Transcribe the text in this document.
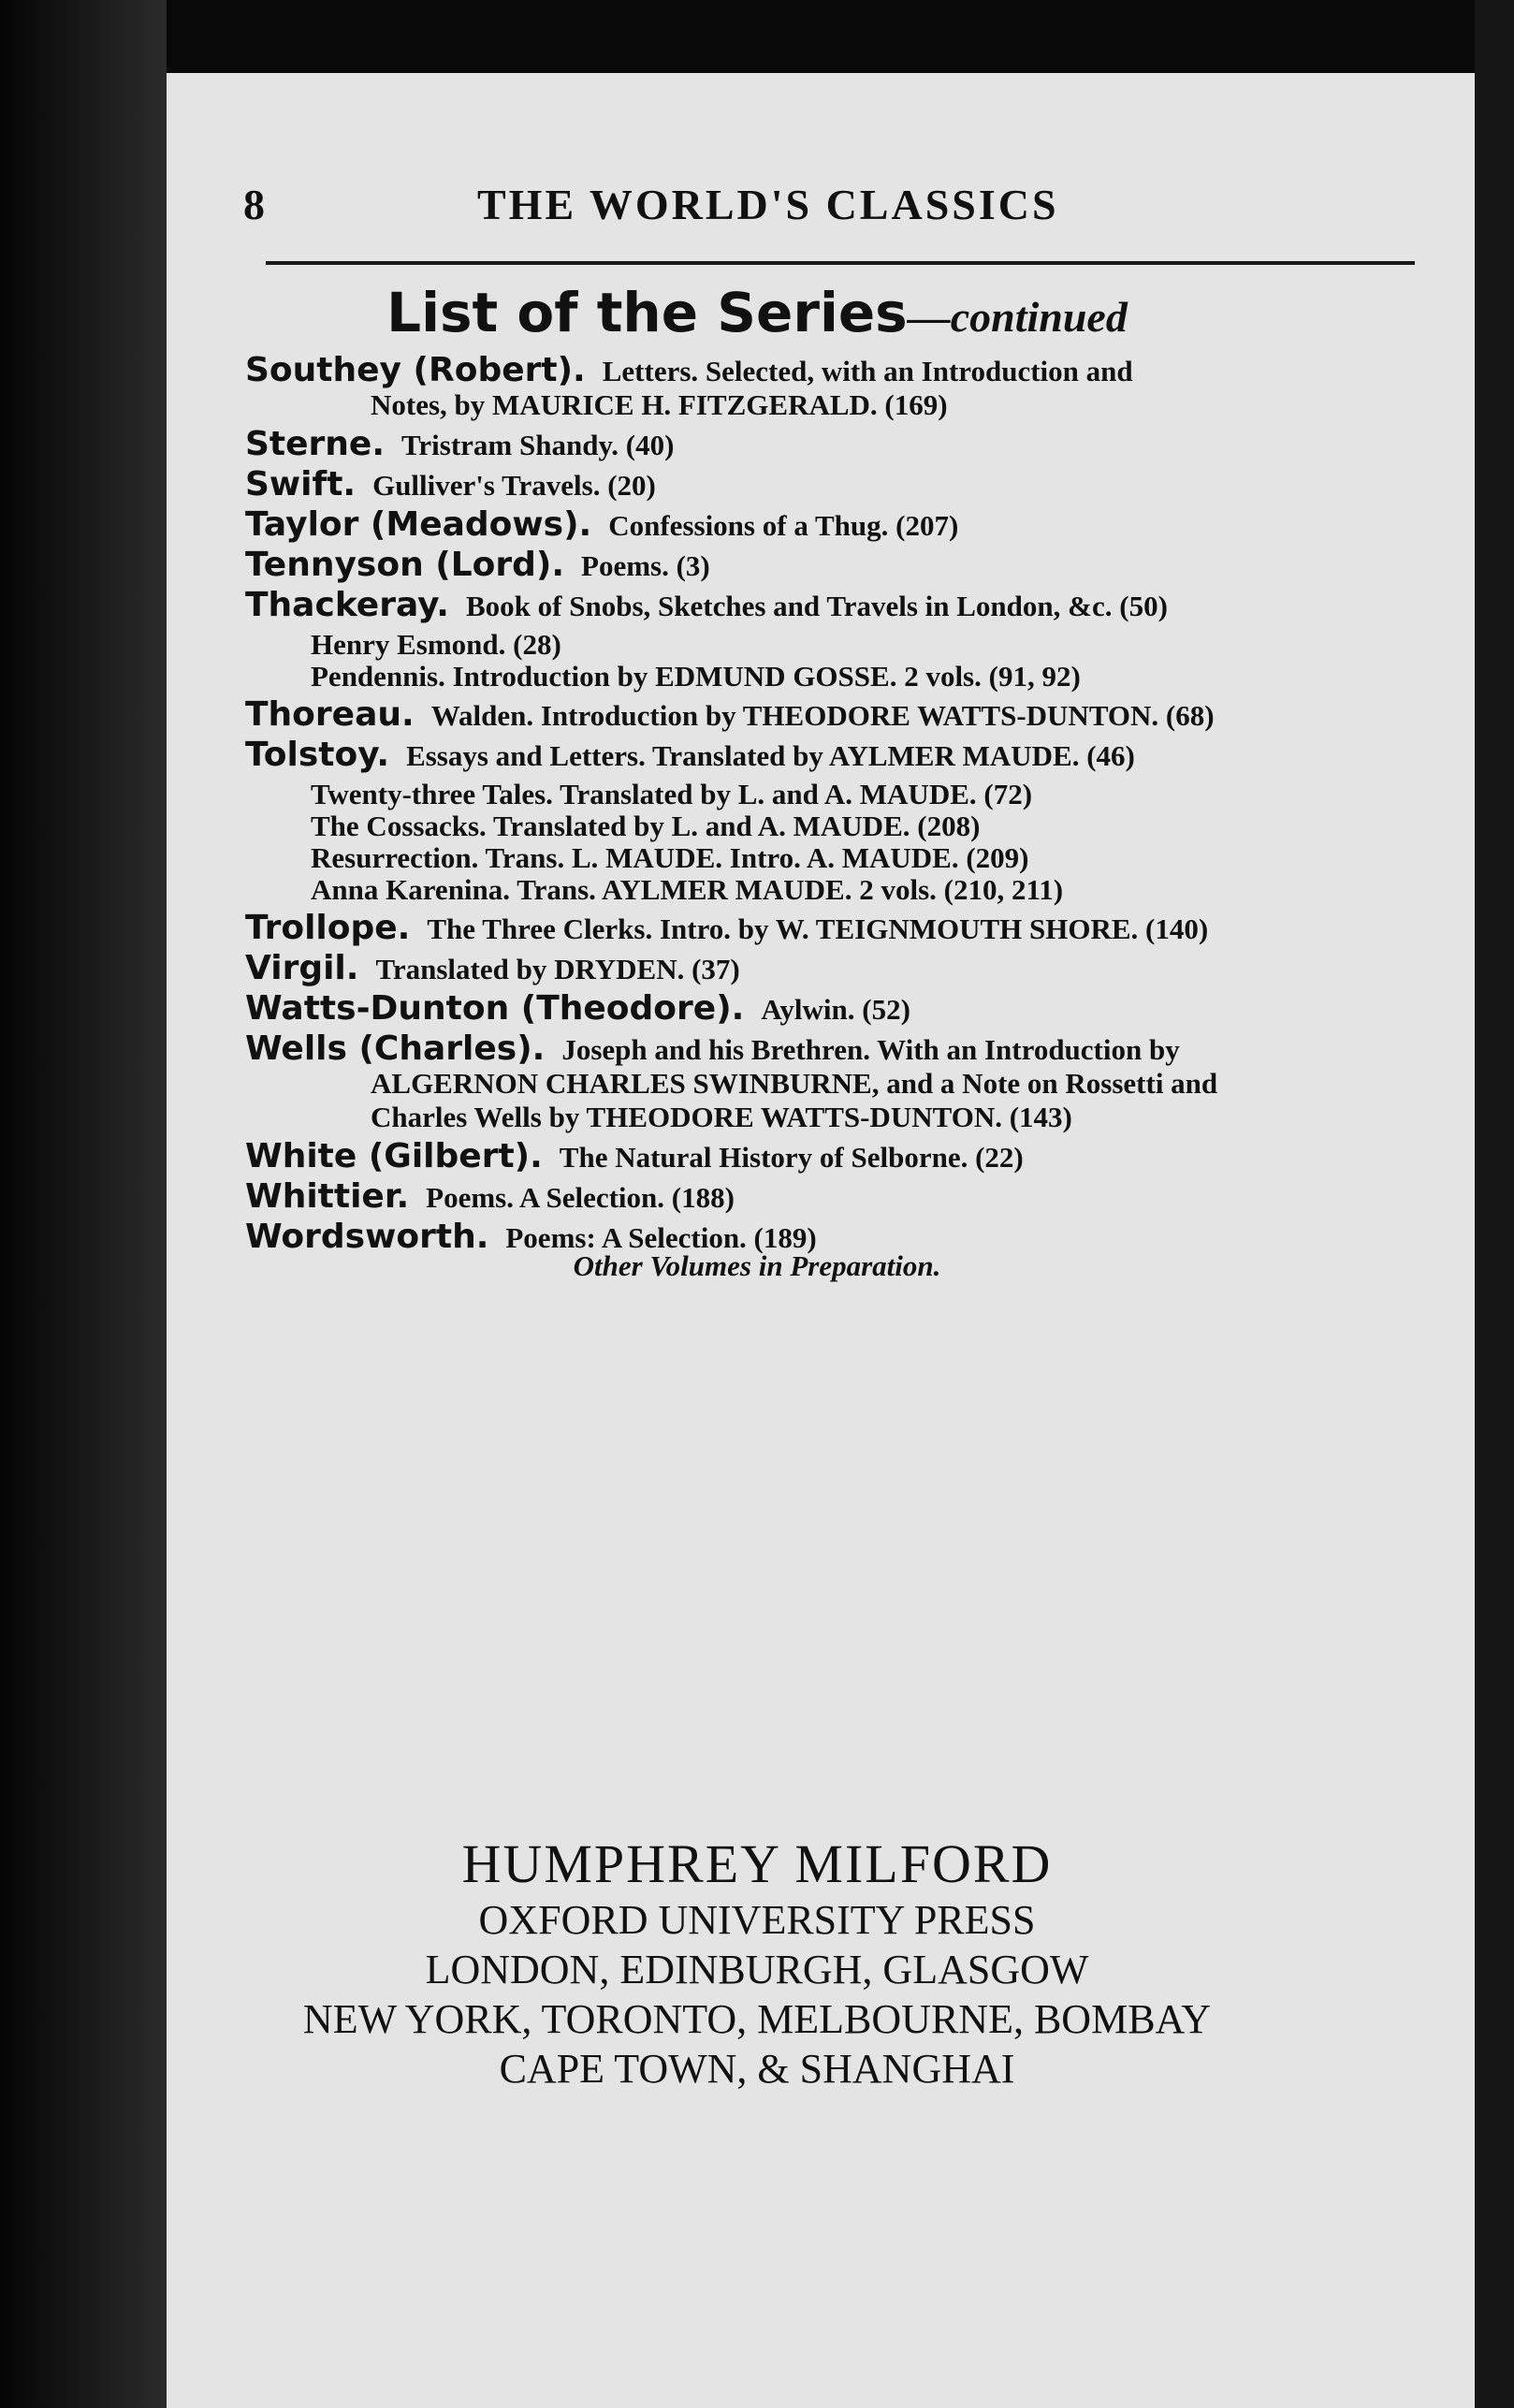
8	THE WORLD'S CLASSICS
List of the Series—continued
Southey (Robert). Letters. Selected, with an Introduction and
Notes, by MAURICE H. FITZGERALD. (169)
Sterne. Tristram Shandy. (40)
Swift. Gulliver's Travels. (20)
Taylor (Meadows). Confessions of a Thug. (207)
Tennyson (Lord). Poems. (3)
Thackeray. Book of Snobs, Sketches and Travels in London, &c. (50)
Henry Esmond. (28)
Pendennis. Introduction by EDMUND GOSSE. 2 vols. (91, 92)
Thoreau. Walden. Introduction by THEODORE WATTS-DUNTON. (68)
Tolstoy. Essays and Letters. Translated by AYLMER MAUDE. (46)
Twenty-three Tales. Translated by L. and A. MAUDE. (72)
The Cossacks. Translated by L. and A. MAUDE. (208)
Resurrection. Trans. L. MAUDE. Intro. A. MAUDE. (209)
Anna Karenina. Trans. AYLMER MAUDE. 2 vols. (210, 211)
Trollope. The Three Clerks. Intro. by W. TEIGNMOUTH SHORE. (140)
Virgil. Translated by DRYDEN. (37)
Watts-Dunton (Theodore). Aylwin. (52)
Wells (Charles). Joseph and his Brethren. With an Introduction by
ALGERNON CHARLES SWINBURNE, and a Note on Rossetti and
Charles Wells by THEODORE WATTS-DUNTON. (143)
White (Gilbert). The Natural History of Selborne. (22)
Whittier. Poems. A Selection. (188)
Wordsworth. Poems: A Selection. (189)
Other Volumes in Preparation.
HUMPHREY MILFORD
OXFORD UNIVERSITY PRESS
LONDON, EDINBURGH, GLASGOW
NEW YORK, TORONTO, MELBOURNE, BOMBAY
CAPE TOWN, & SHANGHAI
